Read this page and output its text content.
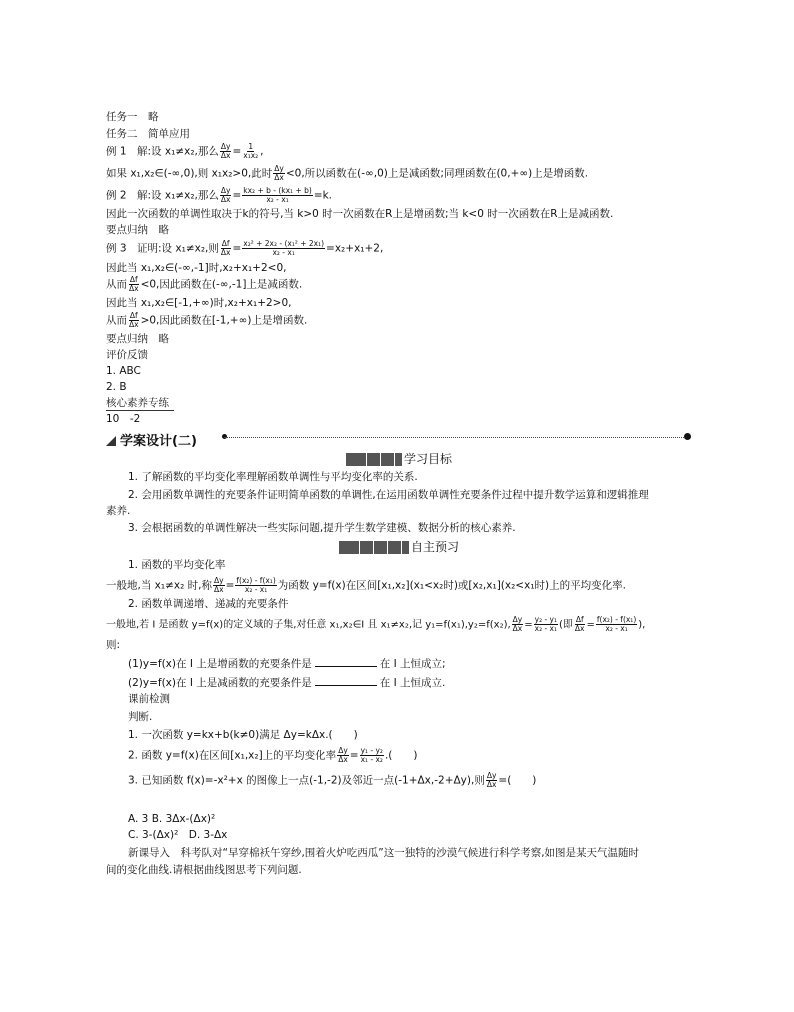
任务一　略
任务二　简单应用
例 1　解:设 x₁≠x₂,那么 $\frac{\Delta y}{\Delta x} = \frac{1}{\text{x₁x₂}}$ ,
如果 x₁,x₂∈(-∞,0),则 x₁x₂>0,此时 $\frac{\Delta y}{\Delta x} <0$,所以函数在(-∞,0)上是减函数;同理函数在(0,+∞)上是增函数.
例 2　解:设 x₁≠x₂,那么 $\frac{\Delta y}{\Delta x} = \frac{\text{kx₂ + b - (kx₁ + b)}}{\text{x₂ - x₁}} =k$.
因此一次函数的单调性取决于k的符号,当 k>0 时一次函数在R上是增函数;当 k<0 时一次函数在R上是减函数.
要点归纳　略
例 3　证明:设 x₁≠x₂,则 $\frac{\Delta f}{\Delta x} = \frac{\text{x₂² + 2x₂ - (x₁² + 2x₁)}}{\text{x₂ - x₁}} =x_2+x_1+2$,
因此当 x₁,x₂∈(-∞,-1]时,x₂+x₁+2<0,
从而 $\frac{\Delta f}{\Delta x} <0$,因此函数在(-∞,-1]上是减函数.
因此当 x₁,x₂∈[-1,+∞)时,x₂+x₁+2>0,
从而 $\frac{\Delta f}{\Delta x} >0$,因此函数在[-1,+∞)上是增函数.
要点归纳　略
评价反馈
1. ABC
2. B
核心素养专练
10　-2
学案设计(二)
学习目标
1. 了解函数的平均变化率理解函数单调性与平均变化率的关系.
2. 会用函数单调性的充要条件证明简单函数的单调性,在运用函数单调性充要条件过程中提升数学运算和逻辑推理
素养.
3. 会根据函数的单调性解决一些实际问题,提升学生数学建模、数据分析的核心素养.
自主预习
1. 函数的平均变化率
一般地,当 x₁≠x₂ 时,称 $\frac{\Delta y}{\Delta x} = \frac{\text{f(x₂) - f(x₁)}}{\text{x₂ - x₁}}$ 为函数 y=f(x)在区间[x₁,x₂](x₁<x₂时)或[x₂,x₁](x₂<x₁时)上的平均变化率.
2. 函数单调递增、递减的充要条件
一般地,若 I 是函数 y=f(x)的定义域的子集,对任意 x₁,x₂∈I 且 x₁≠x₂,记 y₁=f(x₁),y₂=f(x₂), $\frac{\Delta y}{\Delta x} = \frac{\text{y₂ - y₁}}{\text{x₂ - x₁}}$ (即 $\frac{\Delta f}{\Delta x} = \frac{\text{f(x₂) - f(x₁)}}{\text{x₂ - x₁}}$ ),
则:
(1)y=f(x)在 I 上是增函数的充要条件是	在 I 上恒成立;
(2)y=f(x)在 I 上是减函数的充要条件是	在 I 上恒成立.
课前检测
判断.
1. 一次函数 y=kx+b(k≠0)满足 Δy=kΔx.(　　)
2. 函数 y=f(x)在区间[x₁,x₂]上的平均变化率 $\frac{\Delta y}{\Delta x} = \frac{\text{y₁ - y₂}}{\text{x₁ - x₂}}$ .(　　)
3. 已知函数 f(x)=-x²+x 的图像上一点(-1,-2)及邻近一点(-1+Δx,-2+Δy),则 $\frac{\Delta y}{\Delta x}$ =(　　)
A. 3 B. 3Δx-(Δx)²
C. 3-(Δx)²　D. 3-Δx
新课导入　科考队对“早穿棉袄午穿纱,围着火炉吃西瓜”这一独特的沙漠气候进行科学考察,如图是某天气温随时
间的变化曲线.请根据曲线图思考下列问题.
